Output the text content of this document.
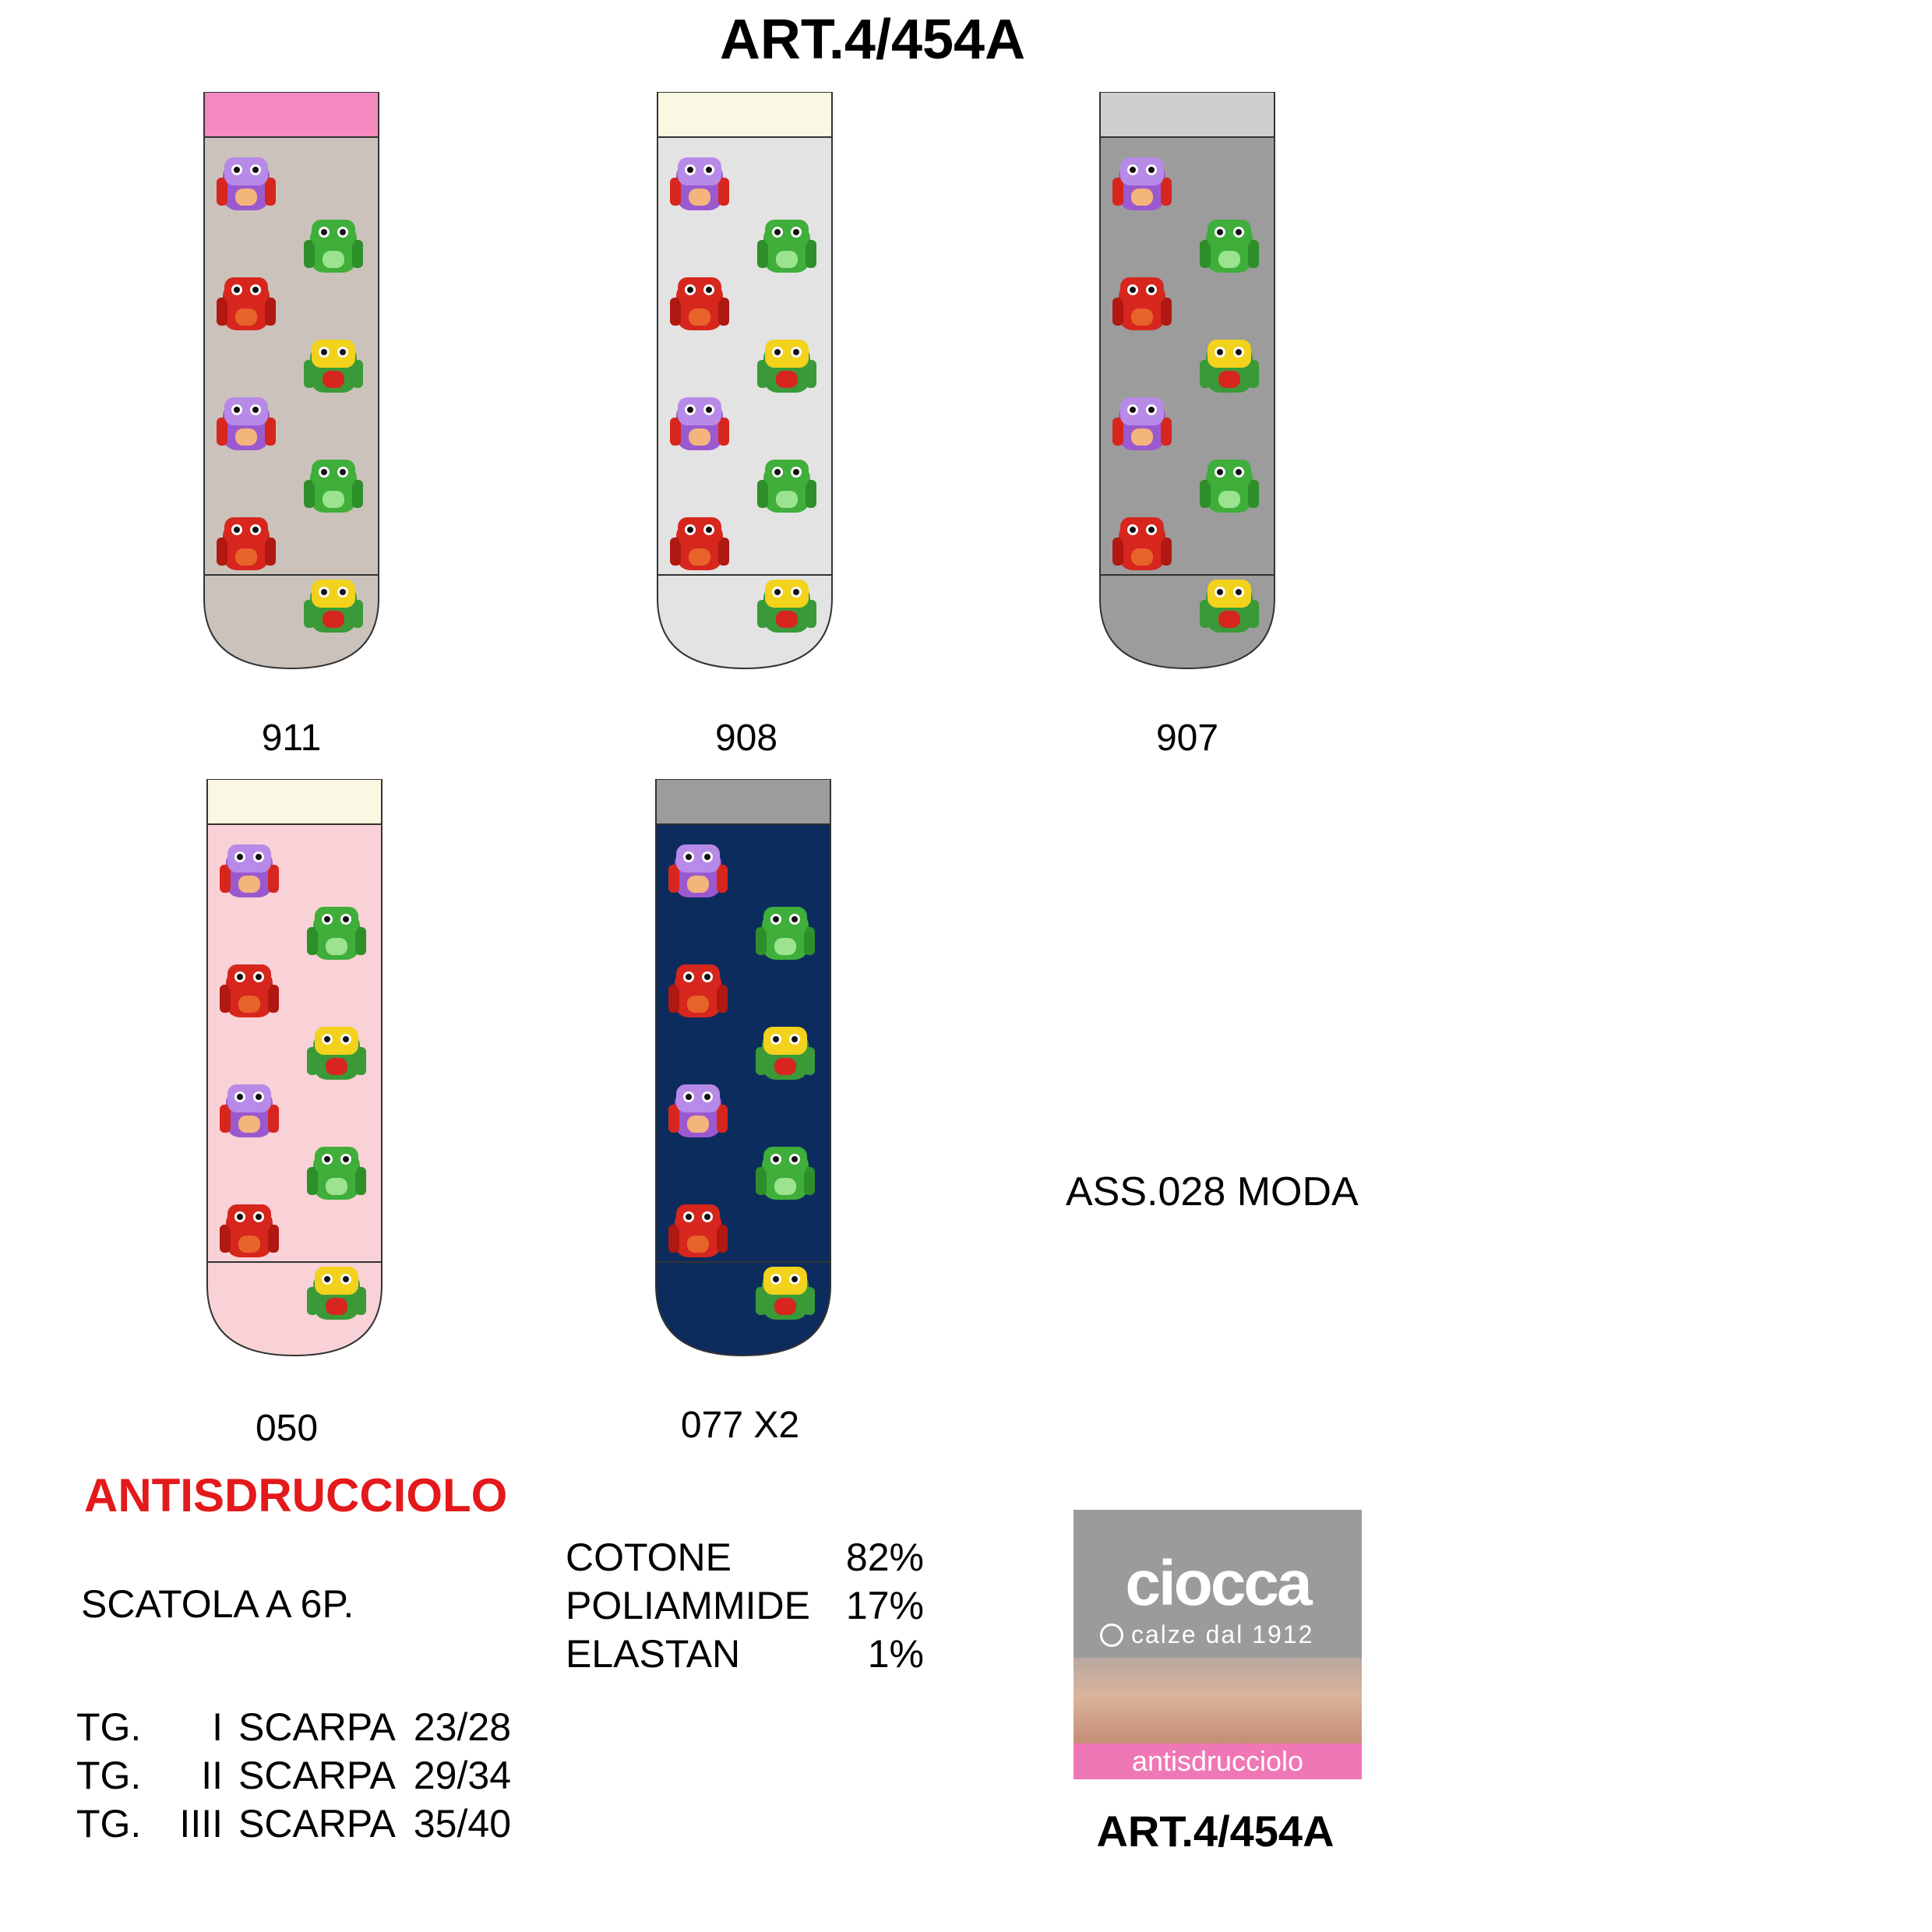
ART.4/454A
911	908	907
050	077 X2
ASS.028 MODA
ANTISDRUCCIOLO
SCATOLA A 6P.
COTONE	82%
POLIAMMIDE 17%
ELASTAN	1%
TG.	I SCARPA 23/28
TG.	II SCARPA 29/34
TG. IIII SCARPA 35/40
ciocca
calze dal 1912
antisdrucciolo
ART.4/454A
